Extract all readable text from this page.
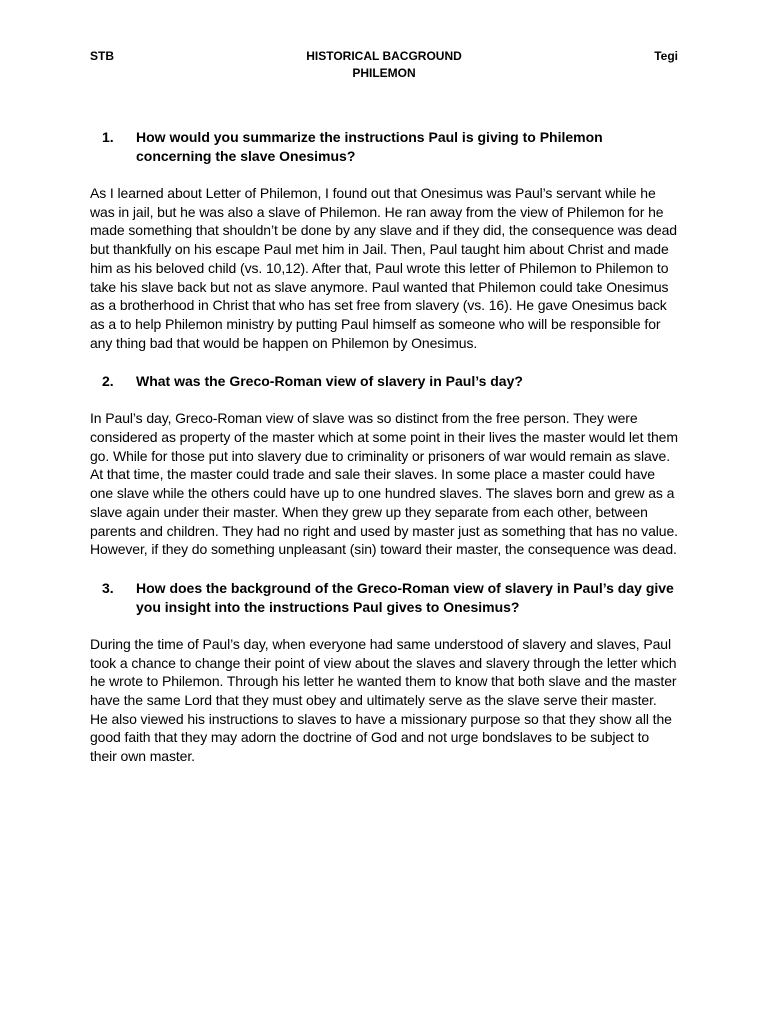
STB	HISTORICAL BACGROUND
PHILEMON
Tegi
1.	How would you summarize the instructions Paul is giving to Philemon concerning the slave Onesimus?

As I learned about Letter of Philemon, I found out that Onesimus was Paul’s servant while he was in jail, but he was also a slave of Philemon. He ran away from the view of Philemon for he made something that shouldn’t be done by any slave and if they did, the consequence was dead but thankfully on his escape Paul met him in Jail. Then, Paul taught him about Christ and made him as his beloved child (vs. 10,12). After that, Paul wrote this letter of Philemon to Philemon to take his slave back but not as slave anymore. Paul wanted that Philemon could take Onesimus as a brotherhood in Christ that who has set free from slavery (vs. 16). He gave Onesimus back as a to help Philemon ministry by putting Paul himself as someone who will be responsible for any thing bad that would be happen on Philemon by Onesimus.

2.	What was the Greco-Roman view of slavery in Paul’s day?

In Paul’s day, Greco-Roman view of slave was so distinct from the free person. They were considered as property of the master which at some point in their lives the master would let them go. While for those put into slavery due to criminality or prisoners of war would remain as slave. At that time, the master could trade and sale their slaves. In some place a master could have one slave while the others could have up to one hundred slaves. The slaves born and grew as a slave again under their master. When they grew up they separate from each other, between parents and children. They had no right and used by master just as something that has no value. However, if they do something unpleasant (sin) toward their master, the consequence was dead.

3.	How does the background of the Greco-Roman view of slavery in Paul’s day give you insight into the instructions Paul gives to Onesimus?

During the time of Paul’s day, when everyone had same understood of slavery and slaves, Paul took a chance to change their point of view about the slaves and slavery through the letter which he wrote to Philemon. Through his letter he wanted them to know that both slave and the master have the same Lord that they must obey and ultimately serve as the slave serve their master. He also viewed his instructions to slaves to have a missionary purpose so that they show all the good faith that they may adorn the doctrine of God and not urge bondslaves to be subject to their own master.
